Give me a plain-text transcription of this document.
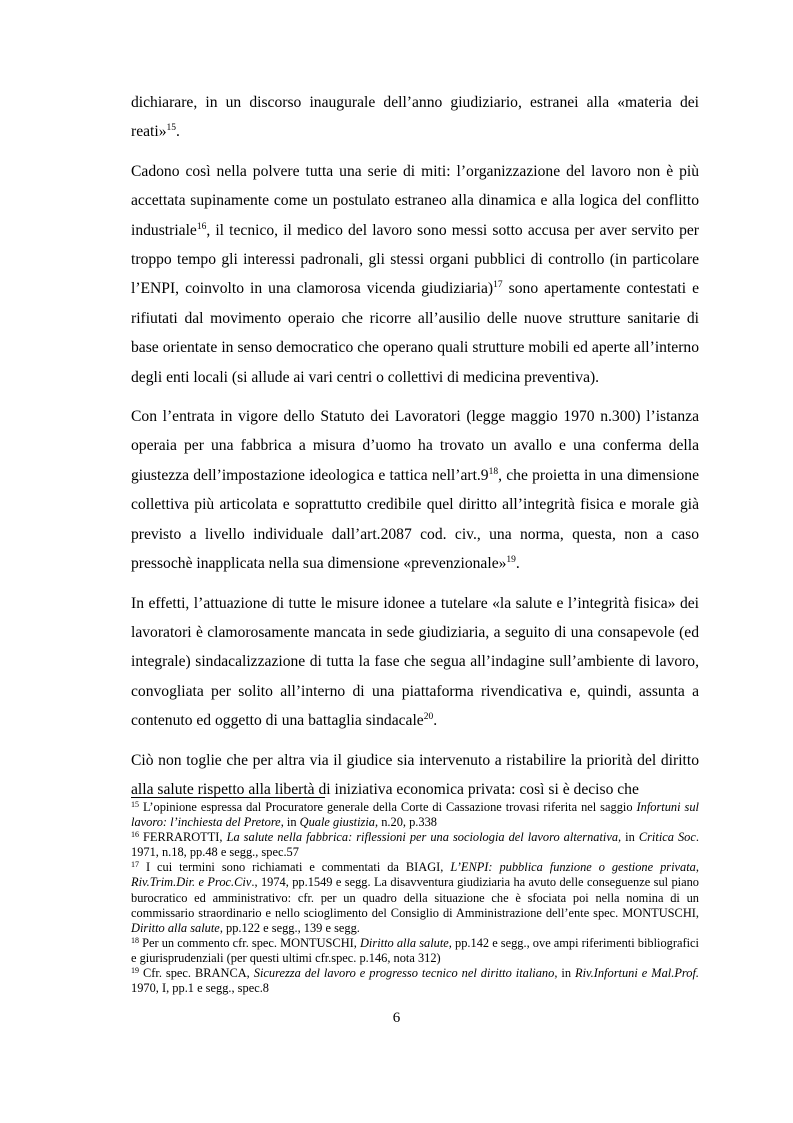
dichiarare, in un discorso inaugurale dell’anno giudiziario, estranei alla «materia dei reati»$^{15}$.

Cadono così nella polvere tutta una serie di miti: l’organizzazione del lavoro non è più accettata supinamente come un postulato estraneo alla dinamica e alla logica del conflitto industriale$^{16}$, il tecnico, il medico del lavoro sono messi sotto accusa per aver servito per troppo tempo gli interessi padronali, gli stessi organi pubblici di controllo (in particolare l’ENPI, coinvolto in una clamorosa vicenda giudiziaria)$^{17}$ sono apertamente contestati e rifiutati dal movimento operaio che ricorre all’ausilio delle nuove strutture sanitarie di base orientate in senso democratico che operano quali strutture mobili ed aperte all’interno degli enti locali (si allude ai vari centri o collettivi di medicina preventiva).

Con l’entrata in vigore dello Statuto dei Lavoratori (legge maggio 1970 n.300) l’istanza operaia per una fabbrica a misura d’uomo ha trovato un avallo e una conferma della giustezza dell’impostazione ideologica e tattica $nell’art.9^{18}$, che proietta in una dimensione collettiva più articolata e soprattutto credibile quel diritto all’integrità fisica e morale già previsto a livello individuale dall’art.2087 cod. civ., una norma, questa, non a caso pressochè inapplicata nella sua dimensione «prevenzionale»$^{19}$.

In effetti, l’attuazione di tutte le misure idonee a tutelare «la salute e l’integrità fisica» dei lavoratori è clamorosamente mancata in sede giudiziaria, a seguito di una consapevole (ed integrale) sindacalizzazione di tutta la fase che segua all’indagine sull’ambiente di lavoro, convogliata per solito all’interno di una piattaforma rivendicativa e, quindi, assunta a contenuto ed oggetto di una battaglia sindacale$^{20}$.

Ciò non toglie che per altra via il giudice sia intervenuto a ristabilire la priorità del diritto alla salute rispetto alla libertà di iniziativa economica privata: così si è deciso che

$^{15}$ L’opinione espressa dal Procuratore generale della Corte di Cassazione trovasi riferita nel saggio Infortuni sul lavoro: l’inchiesta del Pretore, in Quale giustizia, n.20, p.338

$^{16}$ FERRAROTTI, La salute nella fabbrica: riflessioni per una sociologia del lavoro alternativa, in Critica Soc. 1971, n.18, pp.48 e segg., spec.57

$^{17}$ I cui termini sono richiamati e commentati da BIAGI, L’ENPI: pubblica funzione o gestione privata, Riv.Trim.Dir. e Proc.Civ., 1974, pp.1549 e segg. La disavventura giudiziaria ha avuto delle conseguenze sul piano burocratico ed amministrativo: cfr. per un quadro della situazione che è sfociata poi nella nomina di un commissario straordinario e nello scioglimento del Consiglio di Amministrazione dell’ente spec. MONTUSCHI, Diritto alla salute, pp.122 e segg., 139 e segg.

$^{18}$ Per un commento cfr. spec. MONTUSCHI, Diritto alla salute, pp.142 e segg., ove ampi riferimenti bibliografici e giurisprudenziali (per questi ultimi cfr.spec. p.146, nota 312)

$^{19}$ Cfr. spec. BRANCA, Sicurezza del lavoro e progresso tecnico nel diritto italiano, in Riv.Infortuni e Mal.Prof. 1970, I, pp.1 e segg., spec.8

6
